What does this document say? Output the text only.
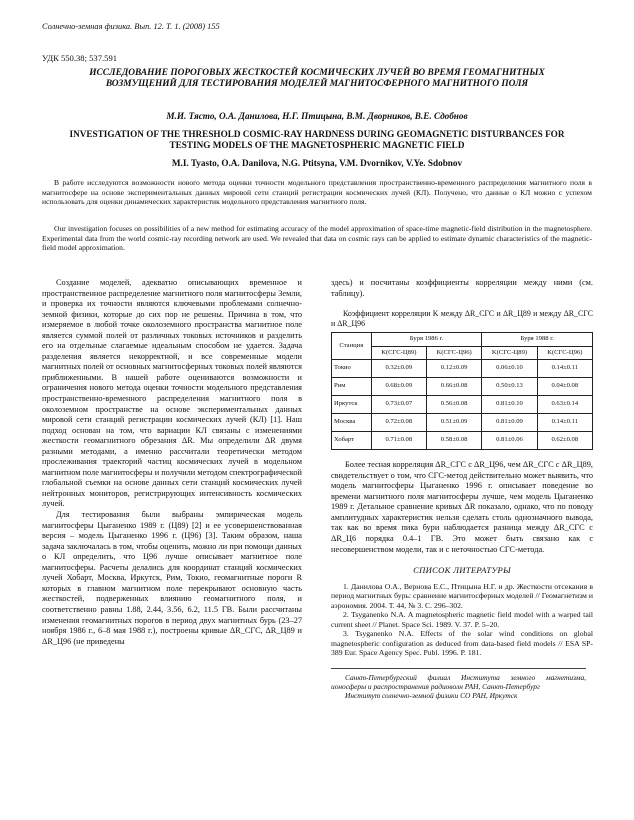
Солнечно-земная физика. Вып. 12. Т. 1. (2008) 155
УДК 550.38; 537.591
ИССЛЕДОВАНИЕ ПОРОГОВЫХ ЖЕСТКОСТЕЙ КОСМИЧЕСКИХ ЛУЧЕЙ ВО ВРЕМЯ ГЕОМАГНИТНЫХ ВОЗМУЩЕНИЙ ДЛЯ ТЕСТИРОВАНИЯ МОДЕЛЕЙ МАГНИТОСФЕРНОГО МАГНИТНОГО ПОЛЯ
М.И. Тясто, О.А. Данилова, Н.Г. Птицына, В.М. Дворников, В.Е. Сдобнов
INVESTIGATION OF THE THRESHOLD COSMIC-RAY HARDNESS DURING GEOMAGNETIC DISTURBANCES FOR TESTING MODELS OF THE MAGNETOSPHERIC MAGNETIC FIELD
M.I. Tyasto, O.A. Danilova, N.G. Ptitsyna, V.M. Dvornikov, V.Ye. Sdobnov
В работе исследуются возможности нового метода оценки точности модельного представления пространственно-временного распределения магнитного поля в магнитосфере на основе экспериментальных данных мировой сети станций регистрации космических лучей (КЛ). Получено, что данные о КЛ можно с успехом использовать для оценки динамических характеристик модельного представления магнитного поля.
Our investigation focuses on possibilities of a new method for estimating accuracy of the model approximation of space-time magnetic-field distribution in the magnetosphere. Experimental data from the world cosmic-ray recording network are used. We revealed that data on cosmic rays can be applied to estimate dynamic characteristics of the magnetic-field model approximation.

Создание моделей, адекватно описывающих временное и пространственное распределение магнитного поля магнитосферы Земли, и проверка их точности являются ключевыми проблемами солнечно-земной физики, которые до сих пор не решены. Причина в том, что измеряемое в любой точке околоземного пространства магнитное поле является суммой полей от различных токовых источников и разделить его на отдельные слагаемые идеальным способом не удается. Задача разделения является некорректной, и все современные модели магнитных полей от основных магнитосферных токовых полей являются приближенными. В нашей работе оцениваются возможности и ограничения нового метода оценки точности модельного представления пространственно-временного распределения магнитного поля в околоземном пространстве на основе экспериментальных данных мировой сети станций регистрации космических лучей (КЛ) [1]. Наш подход основан на том, что вариации КЛ связаны с изменениями жесткости геомагнитного обрезания ΔR. Мы определили ΔR двумя разными методами, а именно рассчитали теоретически методом прослеживания траекторий частиц космических лучей в модельном магнитном поле магнитосферы и получили методом спектрографической глобальной съемки на основе данных сети станций космических лучей нейтронных мониторов, регистрирующих интенсивность космических лучей.

Для тестирования были выбраны эмпирическая модель магнитосферы Цыганенко 1989 г. (Ц89) [2] и ее усовершенствованная версия – модель Цыганенко 1996 г. (Ц96) [3]. Таким образом, наша задача заключалась в том, чтобы оценить, можно ли при помощи данных о КЛ определить, что Ц96 лучше описывает магнитное поле магнитосферы. Расчеты делались для координат станций космических лучей Хобарт, Москва, Иркутск, Рим, Токио, геомагнитные пороги R которых в главном магнитном поле перекрывают основную часть жесткостей, подверженных влиянию геомагнитного поля, и соответственно равны 1.88, 2.44, 3.56, 6.2, 11.5 ГВ. Были рассчитаны изменения геомагнитных порогов в период двух магнитных бурь (23–27 ноября 1986 г., 6–8 мая 1988 г.), построены кривые ΔR_СГС, ΔR_Ц89 и ΔR_Ц96 (не приведены

здесь) и посчитаны коэффициенты корреляции между ними (см. таблицу).

Коэффициент корреляции K между ΔR_СГС и ΔR_Ц89 и между ΔR_СГС и ΔR_Ц96
Станция	Буря 1986 г.		Буря 1988 г.	
	K(СГС-Ц89)	K(СГС-Ц96)	K(СГС-Ц89)	K(СГС-Ц96)
Токио	0.32±0.09	0.12±0.09	0.06±0.10	0.14±0.11
Рим	0.68±0.09	0.66±0.08	0.50±0.13	0.04±0.08
Иркутск	0.73±0.07	0.56±0.08	0.81±0.10	0.63±0.14
Москва	0.72±0.08	0.51±0.09	0.81±0.09	0.14±0.11
Хобарт	0.71±0.08	0.58±0.08	0.81±0.06	0.62±0.08

Более тесная корреляция ΔR_СГС с ΔR_Ц96, чем ΔR_СГС с ΔR_Ц89, свидетельствует о том, что СГС-метод действительно может выявить, что модель магнитосферы Цыганенко 1996 г. описывает поведение во времени магнитного поля магнитосферы лучше, чем модель Цыганенко 1989 г. Детальное сравнение кривых ΔR показало, однако, что по поводу амплитудных характеристик нельзя сделать столь однозначного вывода, так как во время пика бури наблюдается разница между ΔR_СГС с ΔR_Ц6 порядка 0.4–1 ГВ. Это может быть связано как с несовершенством модели, так и с неточностью СГС-метода.

СПИСОК ЛИТЕРАТУРЫ

1. Данилова О.А., Вернова Е.С., Птицына Н.Г. и др. Жесткости отсекания в период магнитных бурь: сравнение магнитосферных моделей // Геомагнетизм и аэрономия. 2004. Т. 44, № 3. С. 296–302.

2. Tsyganenko N.A. A magnetospheric magnetic field model with a warped tail current sheet // Planet. Space Sci. 1989. V. 37. P. 5–20.

3. Tsyganenko N.A. Effects of the solar wind conditions on global magnetospheric configuration as deduced from data-based field models // ESA SP-389 Eur. Space Agency Spec. Publ. 1996. P. 181.

Санкт-Петербургский филиал Института земного магнетизма, ионосферы и распространения радиоволн РАН, Санкт-Петербург

Институт солнечно-земной физики СО РАН, Иркутск
